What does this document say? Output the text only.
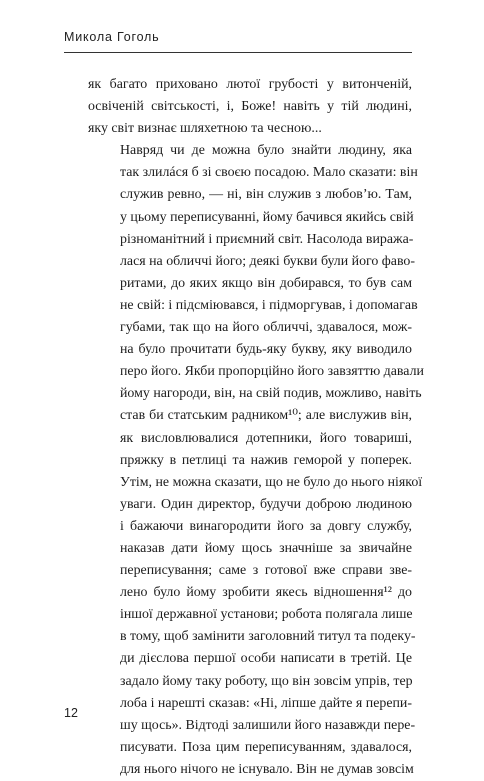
Микола Гоголь

як багато приховано лютої грубості у витонченій,
освіченій світськості, і, Боже! навіть у тій людині,
яку світ визнає шляхетною та чесною...

Навряд чи де можна було знайти людину, яка
так злилáся б зі своєю посадою. Мало сказати: він
служив ревно, — ні, він служив з любов’ю. Там,
у цьому переписуванні, йому бачився якийсь свій
різноманітний і приємний світ. Насолода виража-
лася на обличчі його; деякі букви були його фаво-
ритами, до яких якщо він добирався, то був сам
не свій: і підсміювався, і підморгував, і допомагав
губами, так що на його обличчі, здавалося, мож-
на було прочитати будь-яку букву, яку виводило
перо його. Якби пропорційно його завзяттю давали
йому нагороди, він, на свій подив, можливо, навіть
став би статським радником¹⁰; але вислужив він,
як висловлювалися дотепники, його товариші,
пряжку в петлиці та нажив геморой у поперек.
Утім, не можна сказати, що не було до нього ніякої
уваги. Один директор, будучи доброю людиною
і бажаючи винагородити його за довгу службу,
наказав дати йому щось значніше за звичайне
переписування; саме з готової вже справи зве-
лено було йому зробити якесь відношення¹² до
іншої державної установи; робота полягала лише
в тому, щоб замінити заголовний титул та подеку-
ди дієслова першої особи написати в третій. Це
задало йому таку роботу, що він зовсім упрів, тер
лоба і нарешті сказав: «Ні, ліпше дайте я перепи-
шу щось». Відтоді залишили його назавжди пере-
писувати. Поза цим переписуванням, здавалося,
для нього нічого не існувало. Він не думав зовсім

12
